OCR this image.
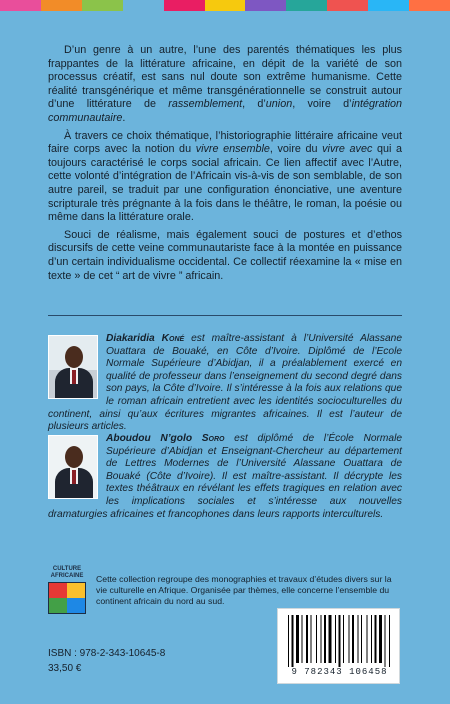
D’un genre à un autre, l’une des parentés thématiques les plus frappantes de la littérature africaine, en dépit de la variété de son processus créatif, est sans nul doute son extrême humanisme. Cette réalité transgénérique et même transgénérationnelle se construit autour d’une littérature de rassemblement, d’union, voire d’intégration communautaire.

À travers ce choix thématique, l’historiographie littéraire africaine veut faire corps avec la notion du vivre ensemble, voire du vivre avec qui a toujours caractérisé le corps social africain. Ce lien affectif avec l’Autre, cette volonté d’intégration de l’Africain vis-à-vis de son semblable, de son autre pareil, se traduit par une configuration énonciative, une aventure scripturale très prégnante à la fois dans le théâtre, le roman, la poésie ou même dans la littérature orale.

Souci de réalisme, mais également souci de postures et d’ethos discursifs de cette veine communautariste face à la montée en puissance d’un certain individualisme occidental. Ce collectif réexamine la « mise en texte » de cet “ art de vivre ” africain.

Diakaridia Koné est maître-assistant à l’Université Alassane Ouattara de Bouaké, en Côte d’Ivoire. Diplômé de l’Ecole Normale Supérieure d’Abidjan, il a préalablement exercé en qualité de professeur dans l’enseignement du second degré dans son pays, la Côte d’Ivoire. Il s’intéresse à la fois aux relations que le roman africain entretient avec les identités socioculturelles du continent, ainsi qu’aux écritures migrantes africaines. Il est l’auteur de plusieurs articles.
Aboudou N’golo Soro est diplômé de l’École Normale Supérieure d’Abidjan et Enseignant-Chercheur au département de Lettres Modernes de l’Université Alassane Ouattara de Bouaké (Côte d’Ivoire). Il est maître-assistant. Il décrypte les textes théâtraux en révélant les effets tragiques en relation avec les implications sociales et s’intéresse aux nouvelles dramaturgies africaines et francophones dans leurs rapports interculturels.
CULTURE
AFRICAINE	Cette collection regroupe des monographies et travaux d’études divers sur la vie culturelle en Afrique. Organisée par thèmes, elle concerne l’ensemble du continent africain du nord au sud.
ISBN : 978-2-343-10645-8
33,50 €	9 782343 106458
